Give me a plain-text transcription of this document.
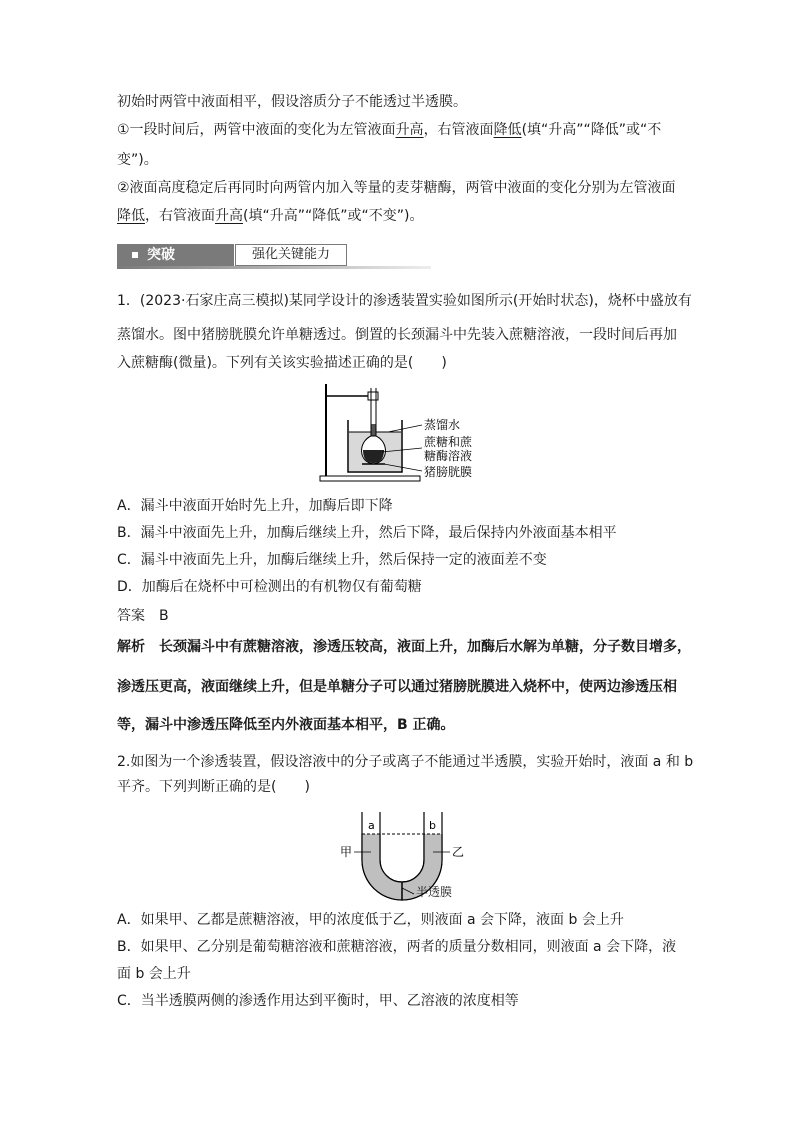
初始时两管中液面相平，假设溶质分子不能透过半透膜。
①一段时间后，两管中液面的变化为左管液面升高，右管液面降低(填“升高”“降低”或“不
变”)。
②液面高度稳定后再同时向两管内加入等量的麦芽糖酶，两管中液面的变化分别为左管液面
降低，右管液面升高(填“升高”“降低”或“不变”)。
突破	强化关键能力
1．(2023·石家庄高三模拟)某同学设计的渗透装置实验如图所示(开始时状态)，烧杯中盛放有
蒸馏水。图中猪膀胱膜允许单糖透过。倒置的长颈漏斗中先装入蔗糖溶液，一段时间后再加
入蔗糖酶(微量)。下列有关该实验描述正确的是(　　)
蒸馏水
蔗糖和蔗
糖酶溶液
猪膀胱膜
A．漏斗中液面开始时先上升，加酶后即下降
B．漏斗中液面先上升，加酶后继续上升，然后下降，最后保持内外液面基本相平
C．漏斗中液面先上升，加酶后继续上升，然后保持一定的液面差不变
D．加酶后在烧杯中可检测出的有机物仅有葡萄糖
答案　B
解析　长颈漏斗中有蔗糖溶液，渗透压较高，液面上升，加酶后水解为单糖，分子数目增多，
渗透压更高，液面继续上升，但是单糖分子可以通过猪膀胱膜进入烧杯中，使两边渗透压相
等，漏斗中渗透压降低至内外液面基本相平，B 正确。
2.如图为一个渗透装置，假设溶液中的分子或离子不能通过半透膜，实验开始时，液面 a 和 b
平齐。下列判断正确的是(　　)
a	b
甲	乙
半透膜
A．如果甲、乙都是蔗糖溶液，甲的浓度低于乙，则液面 a 会下降，液面 b 会上升
B．如果甲、乙分别是葡萄糖溶液和蔗糖溶液，两者的质量分数相同，则液面 a 会下降，液
面 b 会上升
C．当半透膜两侧的渗透作用达到平衡时，甲、乙溶液的浓度相等
